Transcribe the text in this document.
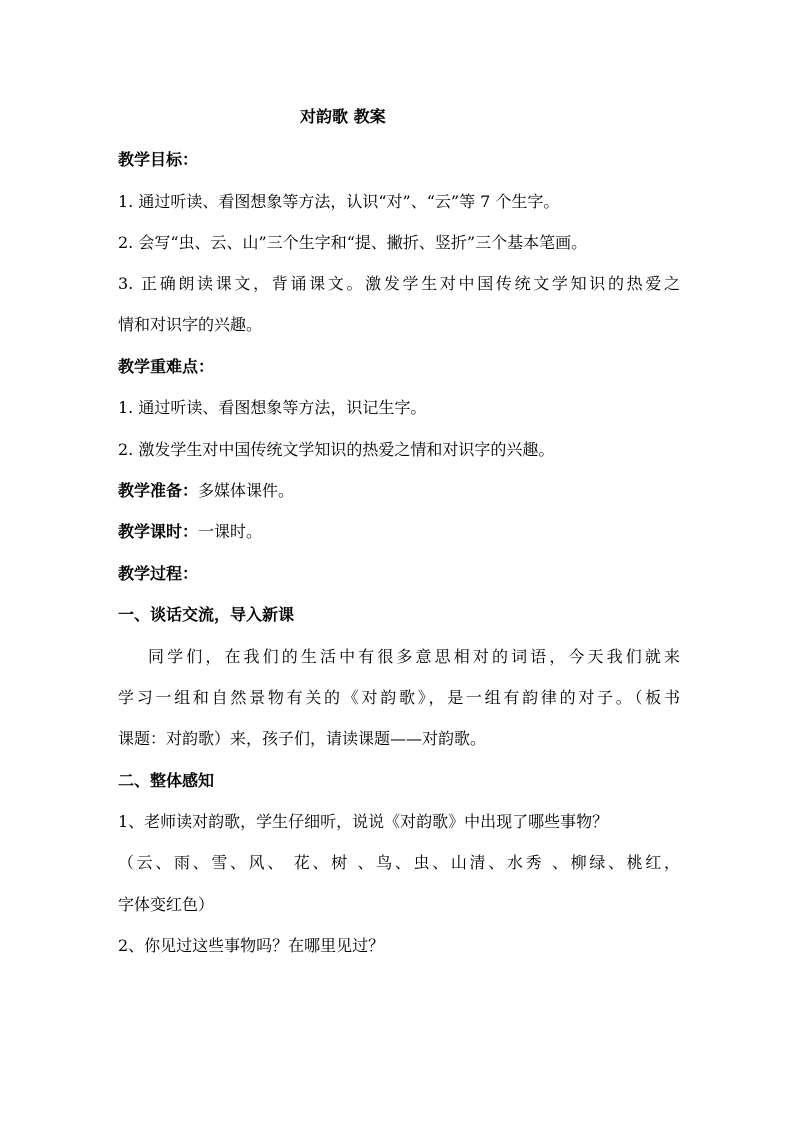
对韵歌 教案
教学目标：
1. 通过听读、看图想象等方法，认识“对”、“云”等 7 个生字。
2. 会写“虫、云、山”三个生字和“提、撇折、竖折”三个基本笔画。
3. 正确朗读课文，背诵课文。激发学生对中国传统文学知识的热爱之
情和对识字的兴趣。
教学重难点：
1. 通过听读、看图想象等方法，识记生字。
2. 激发学生对中国传统文学知识的热爱之情和对识字的兴趣。
教学准备：多媒体课件。
教学课时：一课时。
教学过程：
一、谈话交流，导入新课
同学们，在我们的生活中有很多意思相对的词语，今天我们就来
学习一组和自然景物有关的《对韵歌》，是一组有韵律的对子。（板书
课题：对韵歌）来，孩子们，请读课题——对韵歌。
二、整体感知
1、老师读对韵歌，学生仔细听，说说《对韵歌》中出现了哪些事物？
（云、雨、雪、风、 花、树 、鸟、虫、山清、水秀 、柳绿、桃红，
字体变红色）
2、你见过这些事物吗？在哪里见过？
